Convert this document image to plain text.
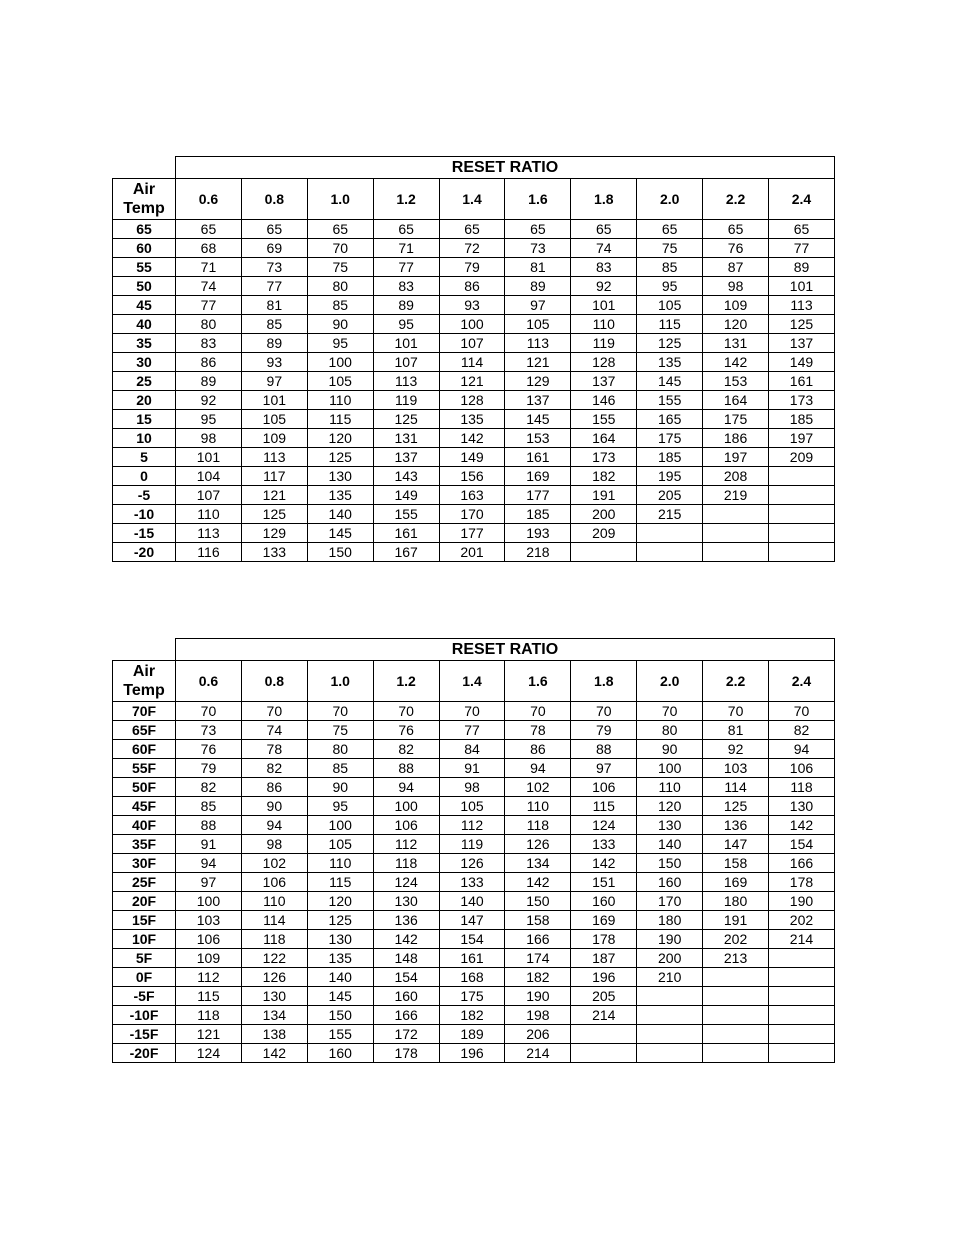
	RESET RATIO									
Air
Temp	0.6	0.8	1.0	1.2	1.4	1.6	1.8	2.0	2.2	2.4
65	65	65	65	65	65	65	65	65	65	65
60	68	69	70	71	72	73	74	75	76	77
55	71	73	75	77	79	81	83	85	87	89
50	74	77	80	83	86	89	92	95	98	101
45	77	81	85	89	93	97	101	105	109	113
40	80	85	90	95	100	105	110	115	120	125
35	83	89	95	101	107	113	119	125	131	137
30	86	93	100	107	114	121	128	135	142	149
25	89	97	105	113	121	129	137	145	153	161
20	92	101	110	119	128	137	146	155	164	173
15	95	105	115	125	135	145	155	165	175	185
10	98	109	120	131	142	153	164	175	186	197
5	101	113	125	137	149	161	173	185	197	209
0	104	117	130	143	156	169	182	195	208	
-5	107	121	135	149	163	177	191	205	219	
-10	110	125	140	155	170	185	200	215		
-15	113	129	145	161	177	193	209			
-20	116	133	150	167	201	218				
	RESET RATIO									
Air
Temp	0.6	0.8	1.0	1.2	1.4	1.6	1.8	2.0	2.2	2.4
70F	70	70	70	70	70	70	70	70	70	70
65F	73	74	75	76	77	78	79	80	81	82
60F	76	78	80	82	84	86	88	90	92	94
55F	79	82	85	88	91	94	97	100	103	106
50F	82	86	90	94	98	102	106	110	114	118
45F	85	90	95	100	105	110	115	120	125	130
40F	88	94	100	106	112	118	124	130	136	142
35F	91	98	105	112	119	126	133	140	147	154
30F	94	102	110	118	126	134	142	150	158	166
25F	97	106	115	124	133	142	151	160	169	178
20F	100	110	120	130	140	150	160	170	180	190
15F	103	114	125	136	147	158	169	180	191	202
10F	106	118	130	142	154	166	178	190	202	214
5F	109	122	135	148	161	174	187	200	213	
0F	112	126	140	154	168	182	196	210		
-5F	115	130	145	160	175	190	205			
-10F	118	134	150	166	182	198	214			
-15F	121	138	155	172	189	206				
-20F	124	142	160	178	196	214				
